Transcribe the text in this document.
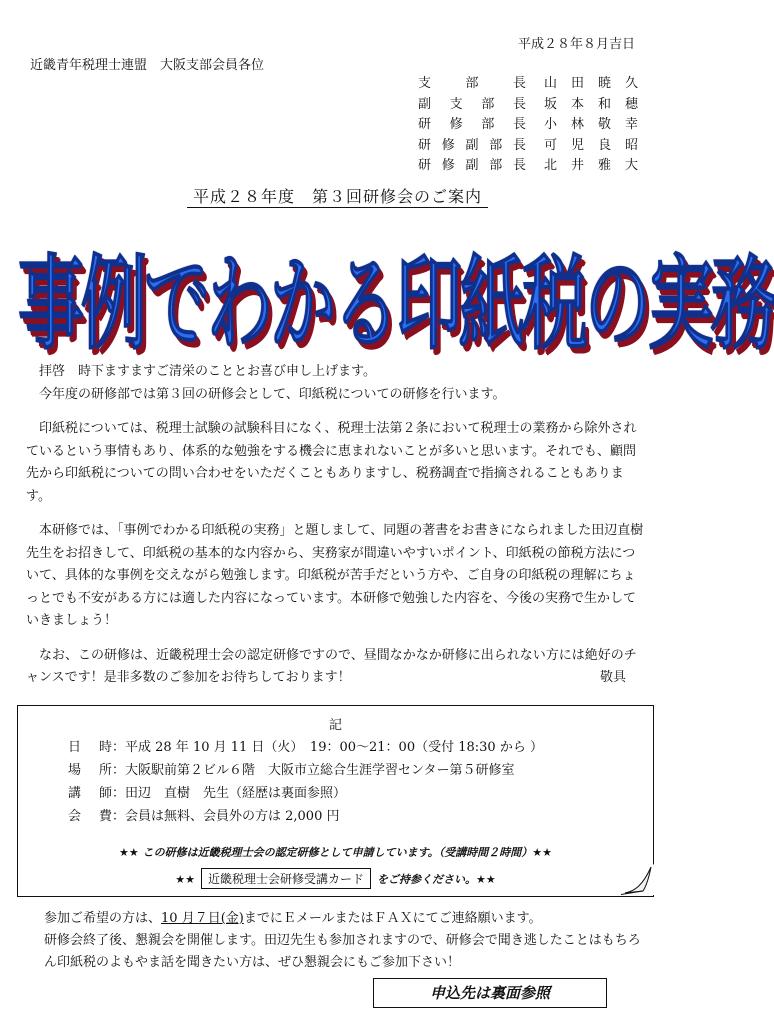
平成２８年８月吉日
近畿青年税理士連盟　大阪支部会員各位
支部長 山田暁久
副支部長 坂本和穂
研修部長 小林敬幸
研修副部長 可児良昭
研修副部長 北井雅大
平成２８年度　第３回研修会のご案内
事例でわかる印紙税の実務

拝啓　時下ますますご清栄のこととお喜び申し上げます。

今年度の研修部では第３回の研修会として、印紙税についての研修を行います。

印紙税については、税理士試験の試験科目になく、税理士法第２条において税理士の業務から除外されているという事情もあり、体系的な勉強をする機会に恵まれないことが多いと思います。それでも、顧問先から印紙税についての問い合わせをいただくこともありますし、税務調査で指摘されることもあります。

本研修では、「事例でわかる印紙税の実務」と題しまして、同題の著書をお書きになられました田辺直樹先生をお招きして、印紙税の基本的な内容から、実務家が間違いやすいポイント、印紙税の節税方法について、具体的な事例を交えながら勉強します。印紙税が苦手だという方や、ご自身の印紙税の理解にちょっとでも不安がある方には適した内容になっています。本研修で勉強した内容を、今後の実務で生かしていきましょう！

なお、この研修は、近畿税理士会の認定研修ですので、昼間なかなか研修に出られない方には絶好のチャンスです！是非多数のご参加をお待ちしております！	敬具

記
日時：平成 28 年 10 月 11 日（火）　19：00～21：00（受付 18:30 から ）
場所：大阪駅前第２ビル６階　大阪市立総合生涯学習センター第５研修室
講師：田辺　直樹　先生（経歴は裏面参照）
会費：会員は無料、会員外の方は 2,000 円
★★ この研修は近畿税理士会の認定研修として申請しています。（受講時間２時間）★★
★★ 近畿税理士会研修受講カード をご持参ください。★★

参加ご希望の方は、10 月７日(金)までにＥメールまたはＦＡＸにてご連絡願います。

研修会終了後、懇親会を開催します。田辺先生も参加されますので、研修会で聞き逃したことはもちろん印紙税のよもやま話を聞きたい方は、ぜひ懇親会にもご参加下さい！

申込先は裏面参照
